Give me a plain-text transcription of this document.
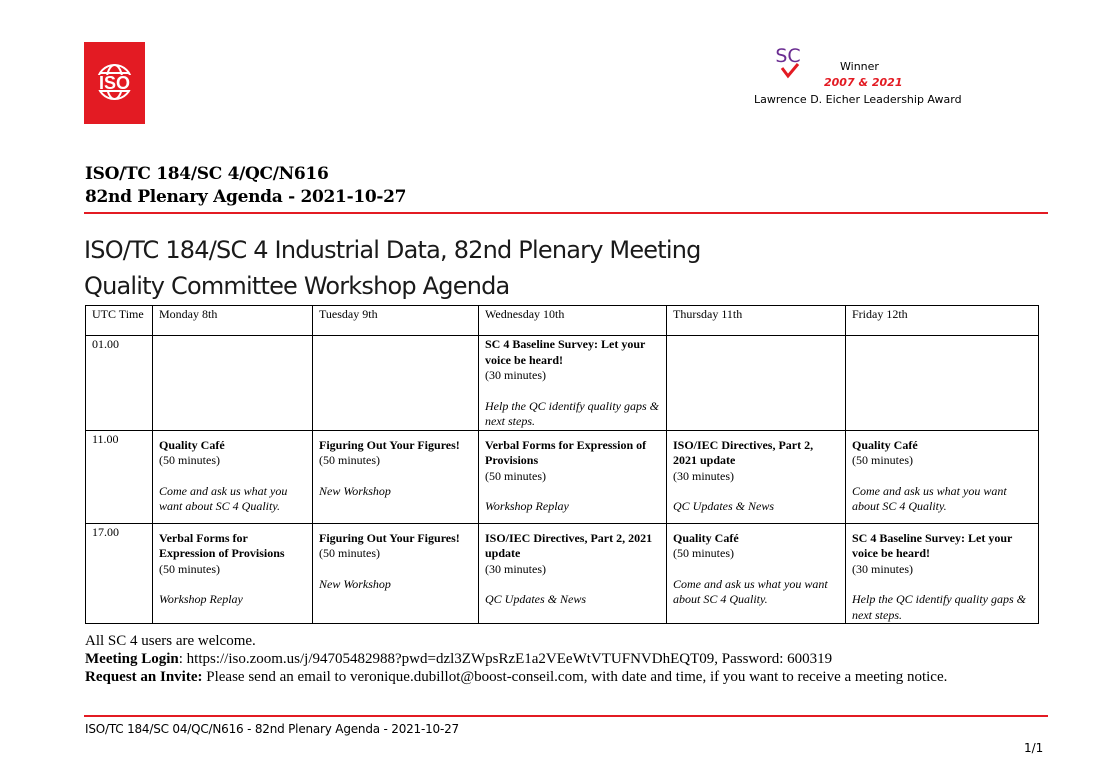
ISO
SC	Winner
2007 & 2021
Lawrence D. Eicher Leadership Award
ISO/TC 184/SC 4/QC/N616
82nd Plenary Agenda - 2021-10-27
ISO/TC 184/SC 4 Industrial Data, 82nd Plenary Meeting
Quality Committee Workshop Agenda
UTC Time	Monday 8th	Tuesday 9th	Wednesday 10th	Thursday 11th	Friday 12th
01.00			SC 4 Baseline Survey: Let your voice be heard!
(30 minutes)
Help the QC identify quality gaps & next steps.		

11.00	Quality Café
(50 minutes)
Come and ask us what you want about SC 4 Quality.	Figuring Out Your Figures!
(50 minutes)
New Workshop	Verbal Forms for Expression of Provisions
(50 minutes)
Workshop Replay	ISO/IEC Directives, Part 2, 2021 update
(30 minutes)
QC Updates & News	Quality Café
(50 minutes)
Come and ask us what you want about SC 4 Quality.

17.00	Verbal Forms for Expression of Provisions
(50 minutes)
Workshop Replay	Figuring Out Your Figures!
(50 minutes)
New Workshop	ISO/IEC Directives, Part 2, 2021 update
(30 minutes)
QC Updates & News	Quality Café
(50 minutes)
Come and ask us what you want about SC 4 Quality.	SC 4 Baseline Survey: Let your voice be heard!
(30 minutes)
Help the QC identify quality gaps & next steps.
All SC 4 users are welcome.
Meeting Login: https://iso.zoom.us/j/94705482988?pwd=dzl3ZWpsRzE1a2VEeWtVTUFNVDhEQT09, Password: 600319
Request an Invite: Please send an email to veronique.dubillot@boost-conseil.com, with date and time, if you want to receive a meeting notice.
ISO/TC 184/SC 04/QC/N616 - 82nd Plenary Agenda - 2021-10-27
1/1
